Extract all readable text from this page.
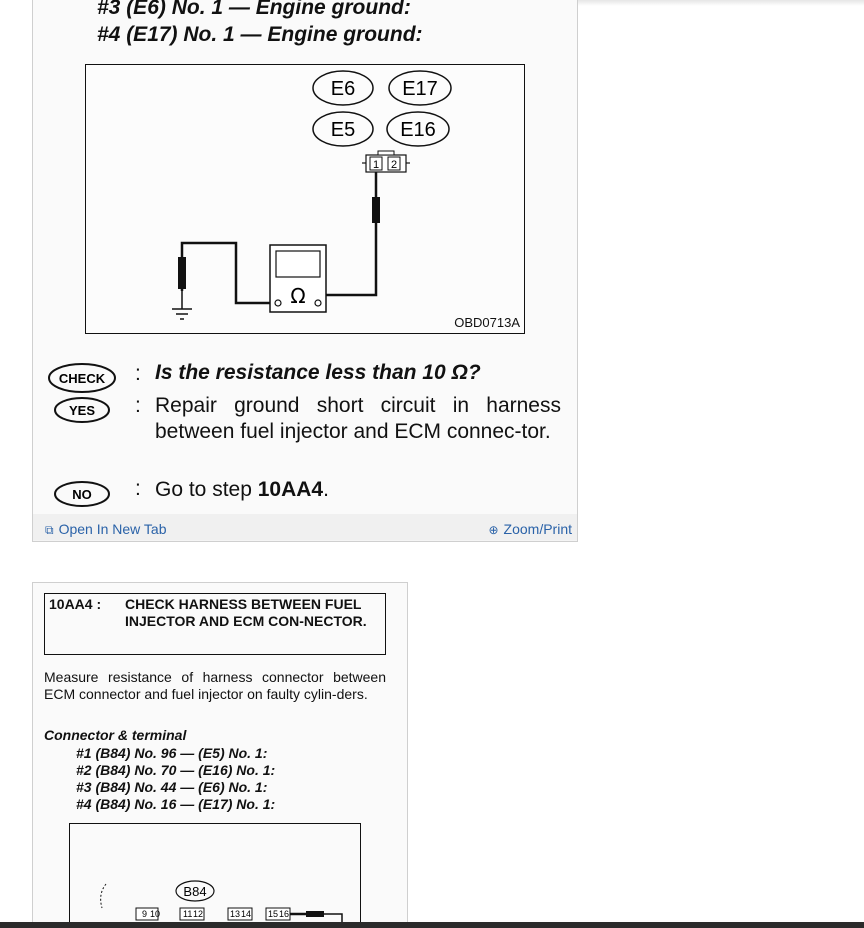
#3 (E6) No. 1 — Engine ground:
#4 (E17) No. 1 — Engine ground:
E6 E17
E5 E16
1 2
Ω
OBD0713A
CHECK : Is the resistance less than 10 Ω?
YES : Repair ground short circuit in harness between fuel injector and ECM connec-tor.
NO : Go to step 10AA4.
⧉ Open In New Tab	⊕ Zoom/Print
10AA4 : CHECK HARNESS BETWEEN FUEL INJECTOR AND ECM CON-NECTOR.
Measure resistance of harness connector between ECM connector and fuel injector on faulty cylin-ders.
Connector & terminal
#1 (B84) No. 96 — (E5) No. 1:
#2 (B84) No. 70 — (E16) No. 1:
#3 (B84) No. 44 — (E6) No. 1:
#4 (B84) No. 16 — (E17) No. 1:
B84
9 10	11 12	13 14 15 16
